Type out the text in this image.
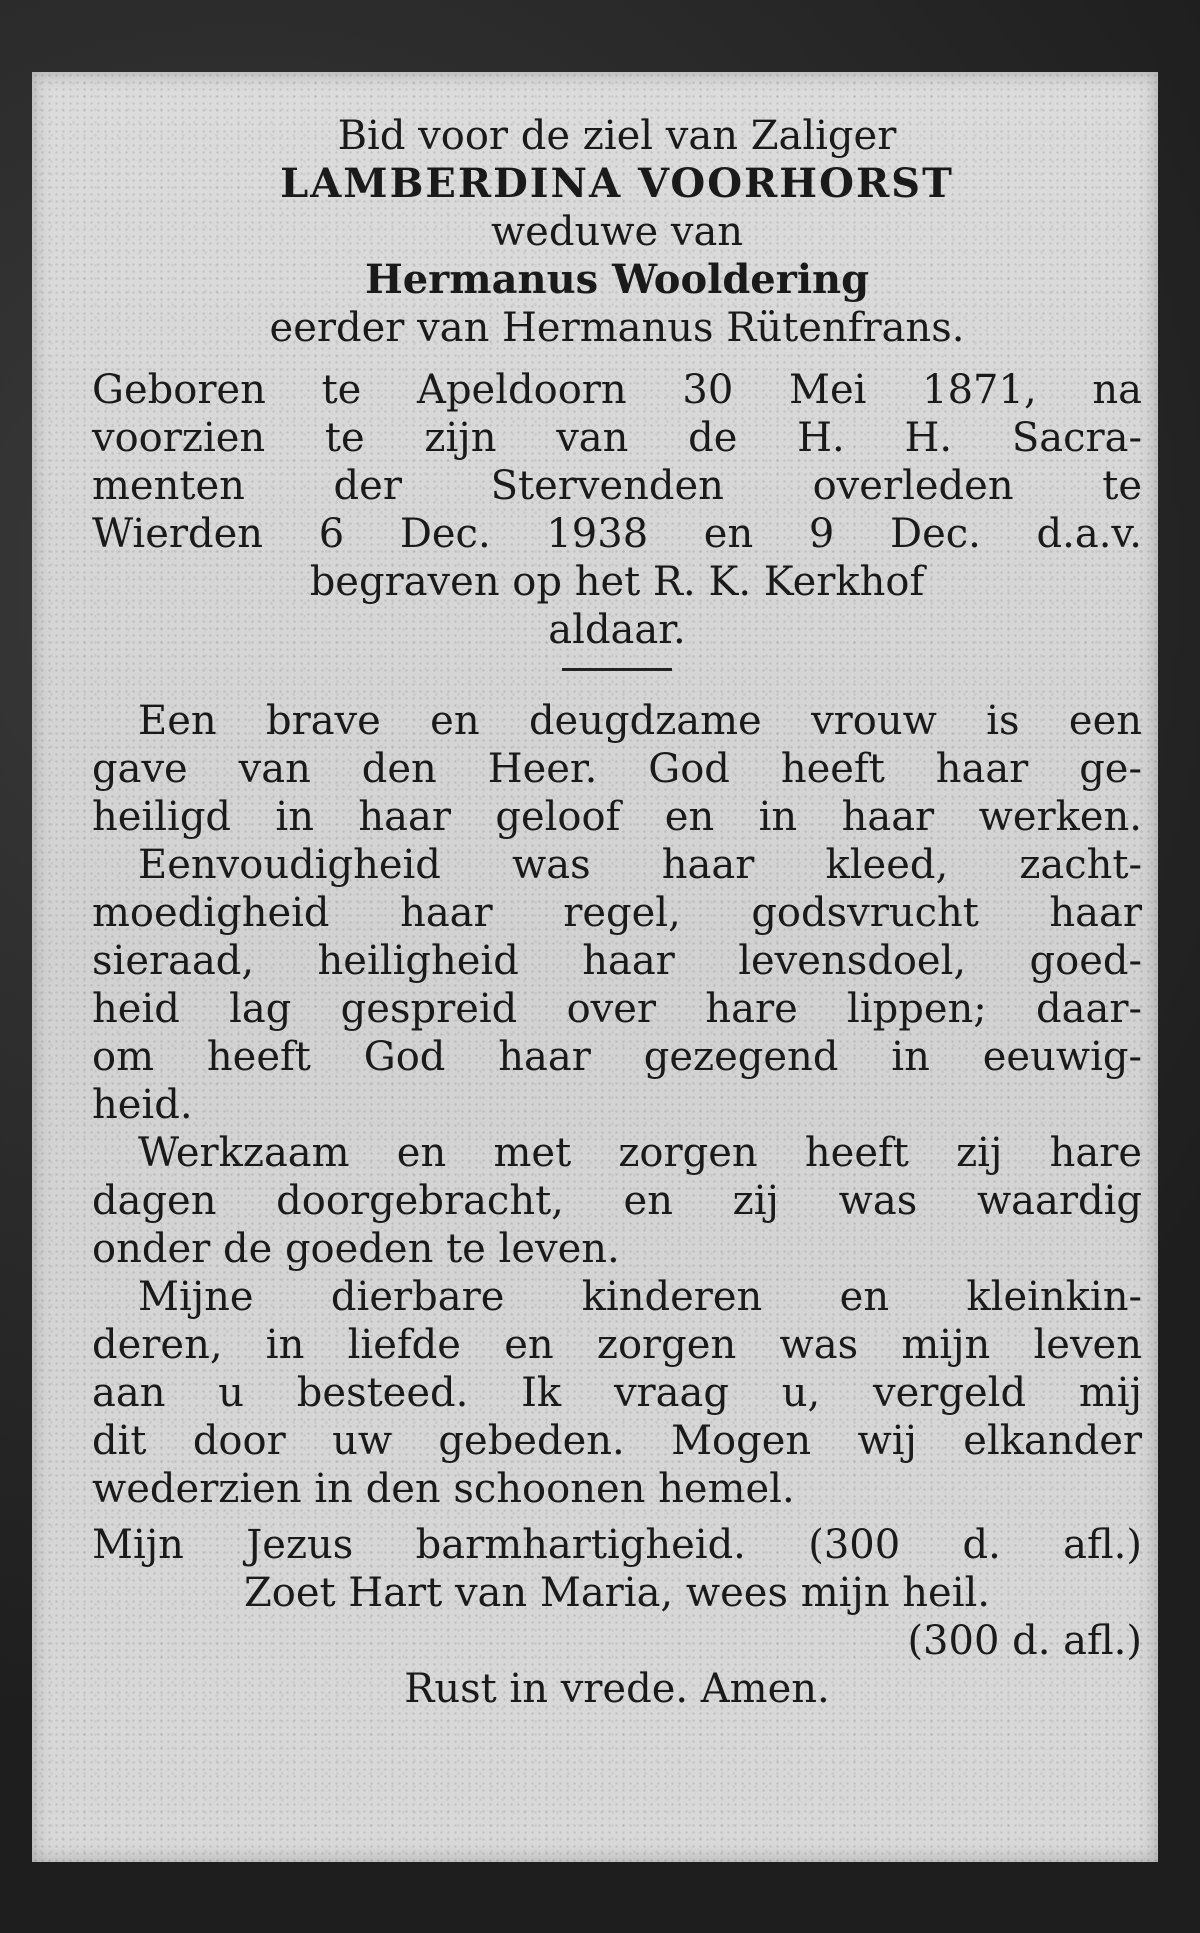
Bid voor de ziel van Zaliger

LAMBERDINA VOORHORST

weduwe van

Hermanus Wooldering

eerder van Hermanus Rütenfrans.

Geboren te Apeldoorn 30 Mei 1871, na

voorzien te zijn van de H. H. Sacra-

menten der Stervenden overleden te

Wierden 6 Dec. 1938 en 9 Dec. d.a.v.

begraven op het R. K. Kerkhof

aldaar.

Een brave en deugdzame vrouw is een

gave van den Heer. God heeft haar ge-

heiligd in haar geloof en in haar werken.

Eenvoudigheid was haar kleed, zacht-

moedigheid haar regel, godsvrucht haar

sieraad, heiligheid haar levensdoel, goed-

heid lag gespreid over hare lippen; daar-

om heeft God haar gezegend in eeuwig-

heid.

Werkzaam en met zorgen heeft zij hare

dagen doorgebracht, en zij was waardig

onder de goeden te leven.

Mijne dierbare kinderen en kleinkin-

deren, in liefde en zorgen was mijn leven

aan u besteed. Ik vraag u, vergeld mij

dit door uw gebeden. Mogen wij elkander

wederzien in den schoonen hemel.

Mijn Jezus barmhartigheid. (300 d. afl.)

Zoet Hart van Maria, wees mijn heil.

(300 d. afl.)

Rust in vrede. Amen.
